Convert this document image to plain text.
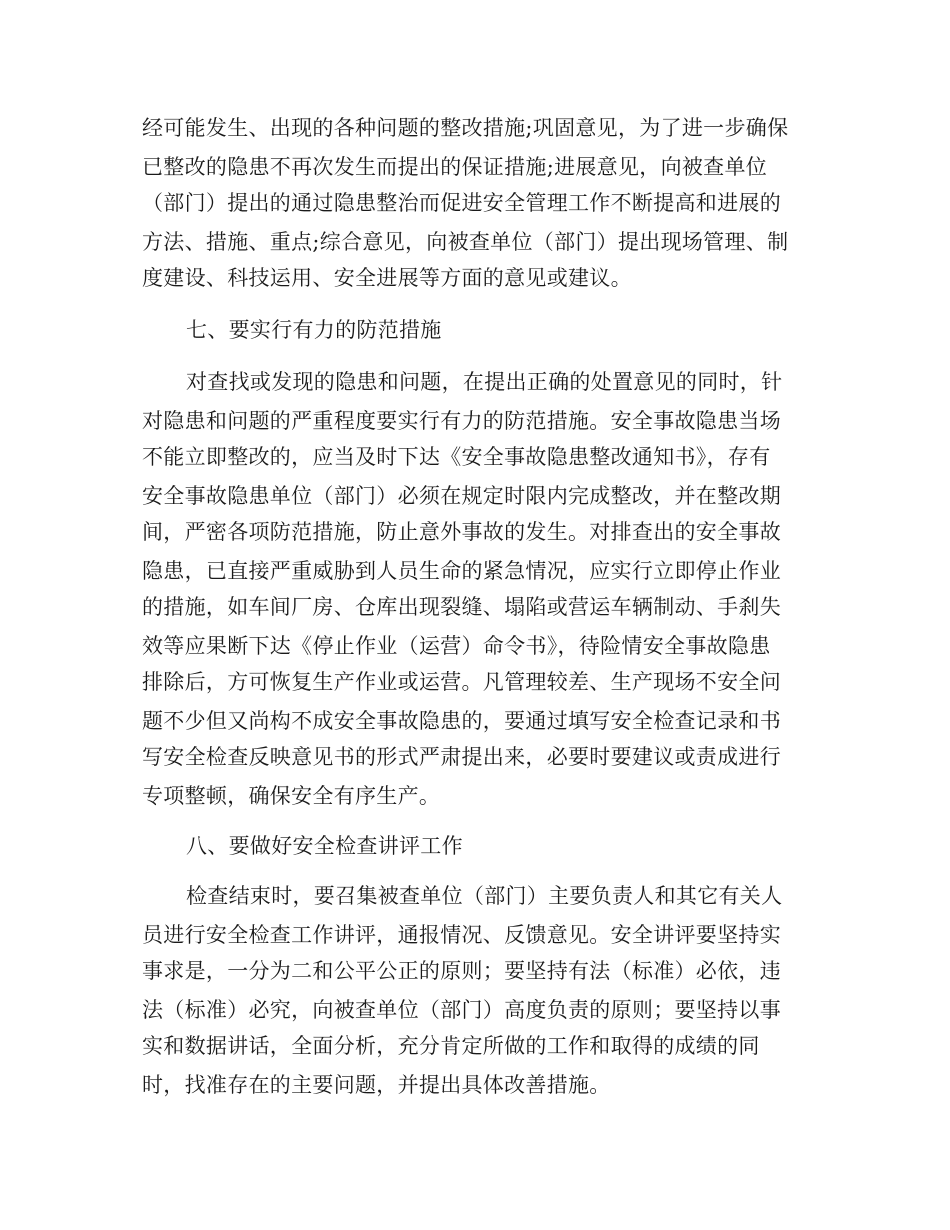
经可能发生、出现的各种问题的整改措施;巩固意见，为了进一步确保
已整改的隐患不再次发生而提出的保证措施;进展意见，向被查单位
（部门）提出的通过隐患整治而促进安全管理工作不断提高和进展的
方法、措施、重点;综合意见，向被查单位（部门）提出现场管理、制
度建设、科技运用、安全进展等方面的意见或建议。
七、要实行有力的防范措施
对查找或发现的隐患和问题，在提出正确的处置意见的同时，针
对隐患和问题的严重程度要实行有力的防范措施。安全事故隐患当场
不能立即整改的，应当及时下达《安全事故隐患整改通知书》，存有
安全事故隐患单位（部门）必须在规定时限内完成整改，并在整改期
间，严密各项防范措施，防止意外事故的发生。对排查出的安全事故
隐患，已直接严重威胁到人员生命的紧急情况，应实行立即停止作业
的措施，如车间厂房、仓库出现裂缝、塌陷或营运车辆制动、手刹失
效等应果断下达《停止作业（运营）命令书》，待险情安全事故隐患
排除后，方可恢复生产作业或运营。凡管理较差、生产现场不安全问
题不少但又尚构不成安全事故隐患的，要通过填写安全检查记录和书
写安全检查反映意见书的形式严肃提出来，必要时要建议或责成进行
专项整顿，确保安全有序生产。
八、要做好安全检查讲评工作
检查结束时，要召集被查单位（部门）主要负责人和其它有关人
员进行安全检查工作讲评，通报情况、反馈意见。安全讲评要坚持实
事求是，一分为二和公平公正的原则；要坚持有法（标准）必依，违
法（标准）必究，向被查单位（部门）高度负责的原则；要坚持以事
实和数据讲话，全面分析，充分肯定所做的工作和取得的成绩的同
时，找准存在的主要问题，并提出具体改善措施。
